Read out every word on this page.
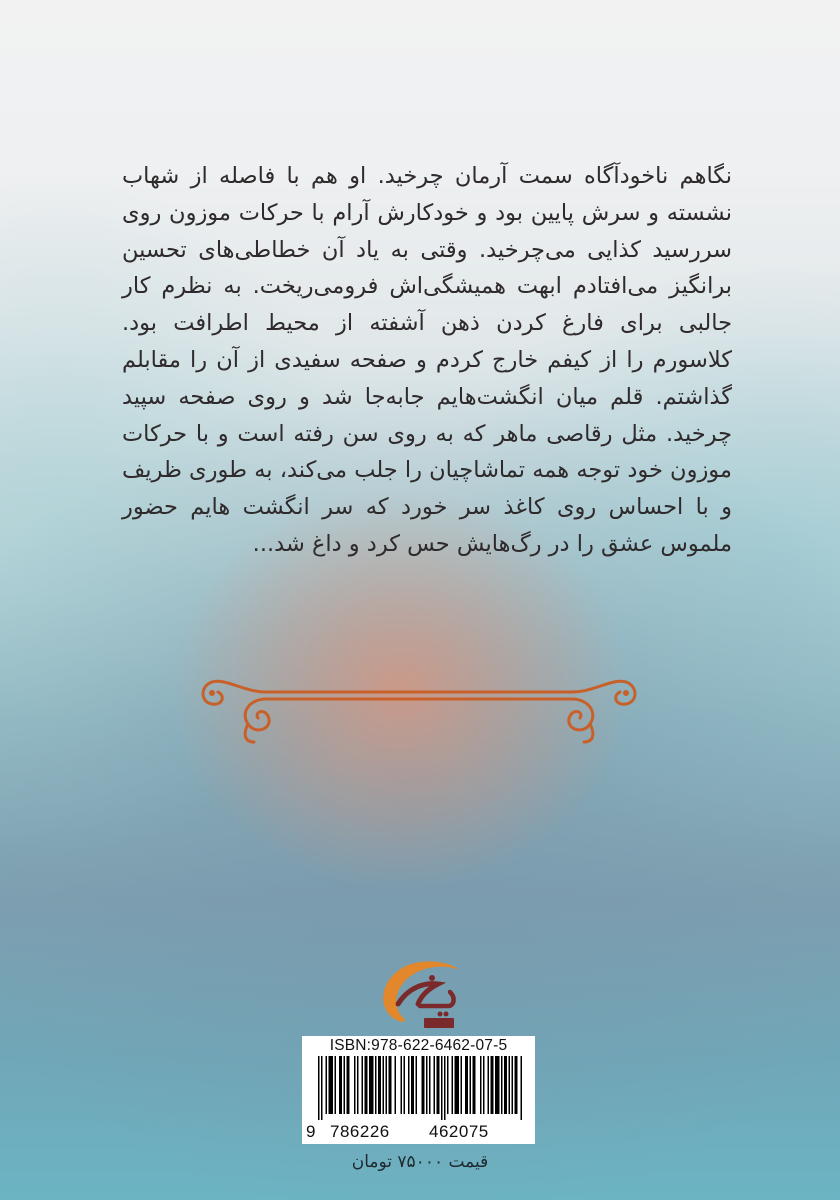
نگاهم ناخودآگاه سمت آرمان چرخید. او هم با فاصله از شهاب نشسته و سرش پایین بود و خودکارش آرام با حرکات موزون روی سررسید کذایی می‌چرخید. وقتی به یاد آن خطاطی‌های تحسین برانگیز می‌افتادم ابهت همیشگی‌اش فرومی‌ریخت. به نظرم کار جالبی برای فارغ کردن ذهن آشفته از محیط اطرافت بود. کلاسورم را از کیفم خارج کردم و صفحه سفیدی از آن را مقابلم گذاشتم. قلم میان انگشت‌هایم جابه‌جا شد و روی صفحه سپید چرخید. مثل رقاصی ماهر که به روی سن رفته است و با حرکات موزون خود توجه همه تماشاچیان را جلب می‌کند، به طوری ظریف و با احساس روی کاغذ سر خورد که سر انگشت هایم حضور ملموس عشق را در رگ‌هایش حس کرد و داغ شد...

ISBN:978-622-6462-07-5
9 786226 462075
قیمت ۷۵۰۰۰ تومان
